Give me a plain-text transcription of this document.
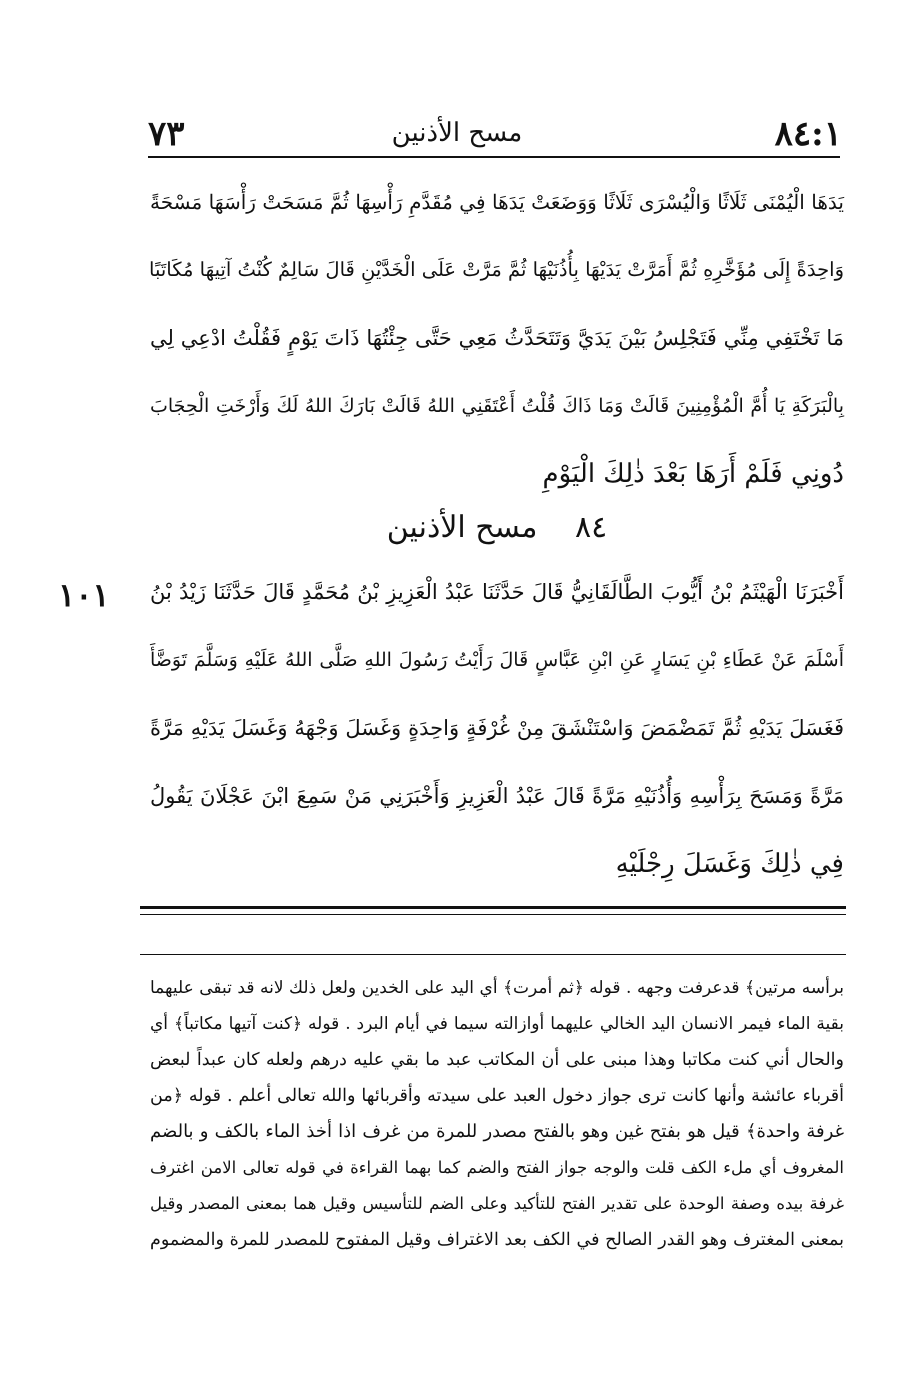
٧٣	مسح الأذنين	٨٤:١
يَدَهَا الْيُمْنَى ثَلَاثًا وَالْيُسْرَى ثَلَاثًا وَوَضَعَتْ يَدَهَا فِي مُقَدَّمِ رَأْسِهَا ثُمَّ مَسَحَتْ رَأْسَهَا مَسْحَةً
وَاحِدَةً إِلَى مُؤَخَّرِهِ ثُمَّ أَمَرَّتْ يَدَيْهَا بِأُذُنَيْهَا ثُمَّ مَرَّتْ عَلَى الْخَدَّيْنِ قَالَ سَالِمٌ كُنْتُ آتِيهَا مُكَاتَبًا
مَا تَخْتَفِي مِنِّي فَتَجْلِسُ بَيْنَ يَدَيَّ وَتَتَحَدَّثُ مَعِي حَتَّى جِئْتُهَا ذَاتَ يَوْمٍ فَقُلْتُ ادْعِي لِي
بِالْبَرَكَةِ يَا أُمَّ الْمُؤْمِنِينَ قَالَتْ وَمَا ذَاكَ قُلْتُ أَعْتَقَنِي اللهُ قَالَتْ بَارَكَ اللهُ لَكَ وَأَرْخَتِ الْحِجَابَ
دُونِي فَلَمْ أَرَهَا بَعْدَ ذٰلِكَ الْيَوْمِ
٨٤ مسح الأذنين
١٠١ أَخْبَرَنَا الْهَيْثَمُ بْنُ أَيُّوبَ الطَّالَقَانِيُّ قَالَ حَدَّثَنَا عَبْدُ الْعَزِيزِ بْنُ مُحَمَّدٍ قَالَ حَدَّثَنَا زَيْدُ بْنُ
أَسْلَمَ عَنْ عَطَاءِ بْنِ يَسَارٍ عَنِ ابْنِ عَبَّاسٍ قَالَ رَأَيْتُ رَسُولَ اللهِ صَلَّى اللهُ عَلَيْهِ وَسَلَّمَ تَوَضَّأَ
فَغَسَلَ يَدَيْهِ ثُمَّ تَمَضْمَضَ وَاسْتَنْشَقَ مِنْ غُرْفَةٍ وَاحِدَةٍ وَغَسَلَ وَجْهَهُ وَغَسَلَ يَدَيْهِ مَرَّةً
مَرَّةً وَمَسَحَ بِرَأْسِهِ وَأُذُنَيْهِ مَرَّةً قَالَ عَبْدُ الْعَزِيزِ وَأَخْبَرَنِي مَنْ سَمِعَ ابْنَ عَجْلَانَ يَقُولُ
فِي ذٰلِكَ وَغَسَلَ رِجْلَيْهِ
برأسه مرتين﴾ قدعرفت وجهه . قوله ﴿ثم أمرت﴾ أي اليد على الخدين ولعل ذلك لانه قد تبقى عليهما
بقية الماء فيمر الانسان اليد الخالي عليهما أوازالته سيما في أيام البرد . قوله ﴿كنت آتيها مكاتباً﴾ أي
والحال أني كنت مكاتبا وهذا مبنى على أن المكاتب عبد ما بقي عليه درهم ولعله كان عبداً لبعض
أقرباء عائشة وأنها كانت ترى جواز دخول العبد على سيدته وأقربائها والله تعالى أعلم . قوله ﴿من
غرفة واحدة﴾ قيل هو بفتح غين وهو بالفتح مصدر للمرة من غرف اذا أخذ الماء بالكف و بالضم
المغروف أي ملء الكف قلت والوجه جواز الفتح والضم كما بهما القراءة في قوله تعالى الامن اغترف
غرفة بيده وصفة الوحدة على تقدير الفتح للتأكيد وعلى الضم للتأسيس وقيل هما بمعنى المصدر وقيل
بمعنى المغترف وهو القدر الصالح في الكف بعد الاغتراف وقيل المفتوح للمصدر للمرة والمضموم
